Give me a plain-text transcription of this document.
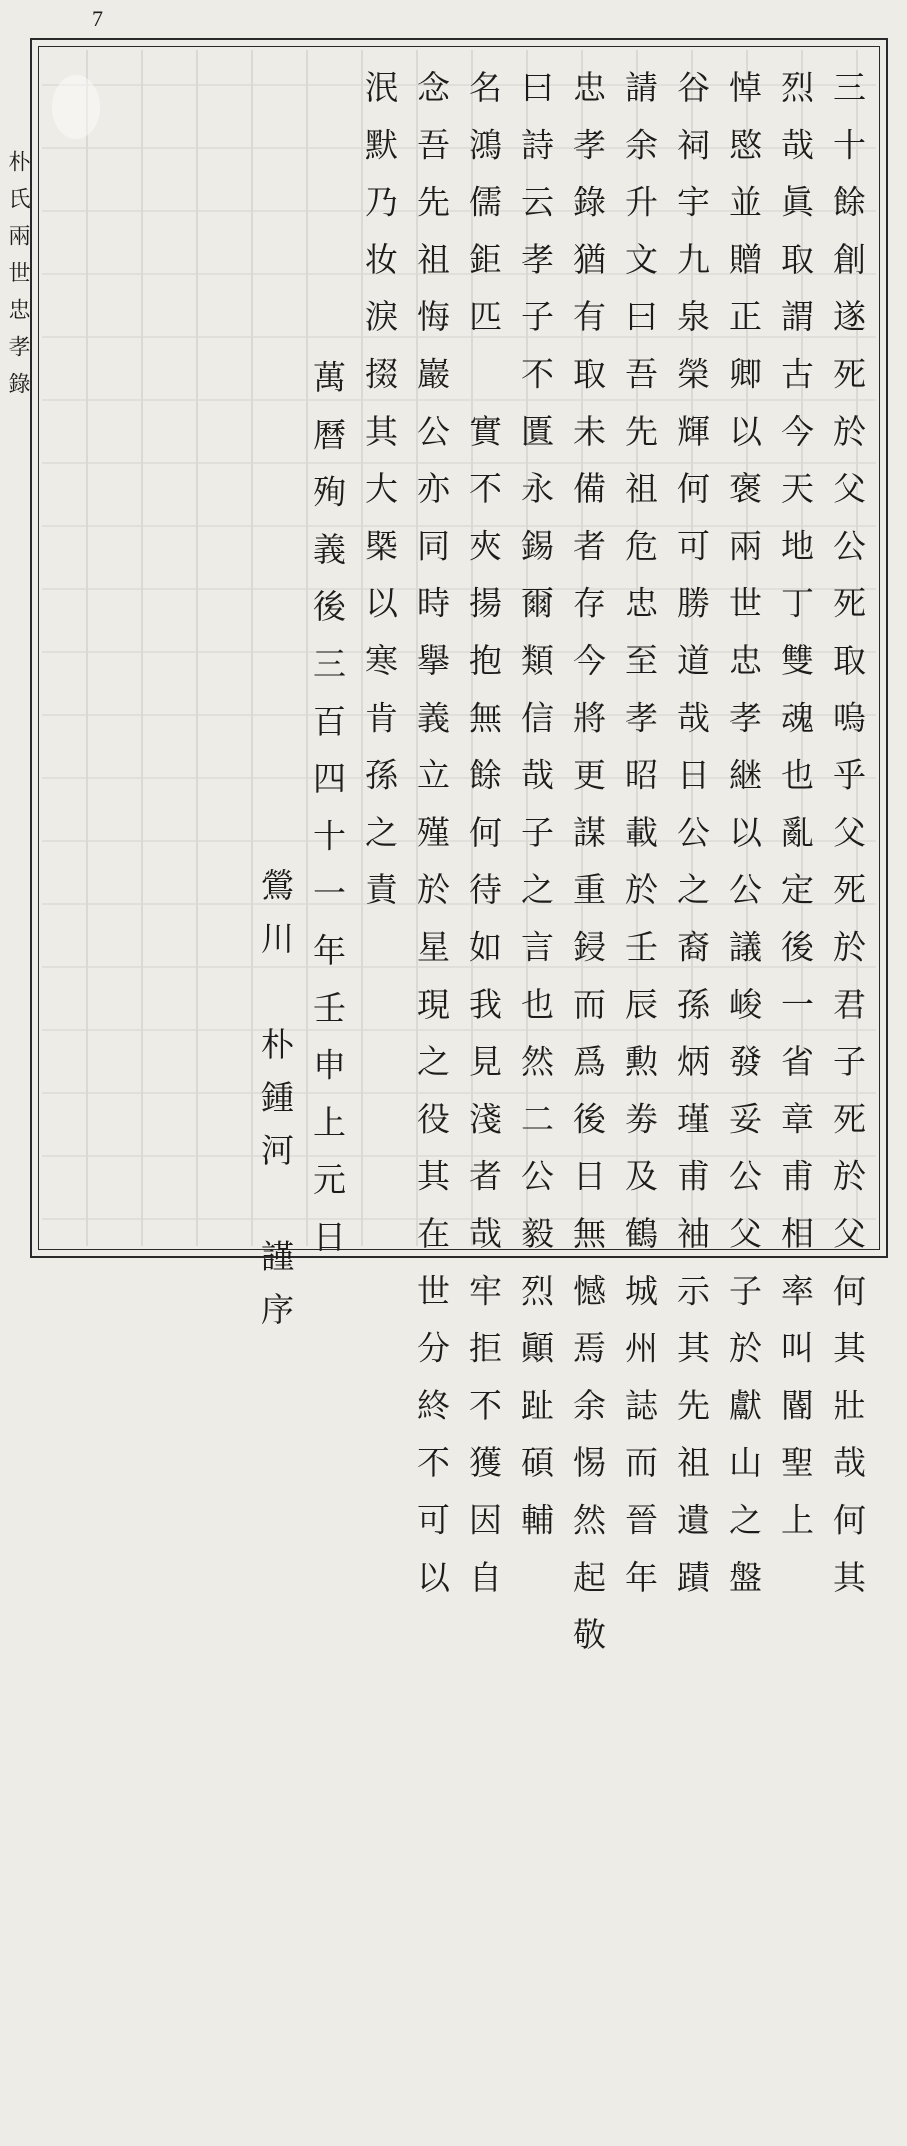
7
朴氏兩世忠孝錄	三十餘創遂死於父公死取嗚乎父死於君子死於父何其壯哉何其
烈哉眞取謂古今天地丁雙魂也亂定後一省章甫相率叫閽聖上
悼愍並贈正卿以褒兩世忠孝継以公議峻發妥公父子於獻山之盤
谷祠宇九泉榮輝何可勝道哉日公之裔孫炳瑾甫袖示其先祖遺蹟
請余升文曰吾先祖危忠至孝昭載於壬辰勲劵及鶴城州誌而晉年
忠孝錄猶有取未備者存今將更謀重鋟而爲後日無憾焉余惕然起敬
曰詩云孝子不匱永錫爾類信哉子之言也然二公毅烈顚趾碩輔
名鴻儒鉅匹　實不夾揚抱無餘何待如我見淺者哉牢拒不獲因自
念吾先祖悔巖公亦同時擧義立殣於星現之役其在世分終不可以
泯默乃妆淚掇其大槩以寒肯孫之責
萬曆殉義後三百四十一年壬申上元日
鶯川　朴鍾河　謹序
